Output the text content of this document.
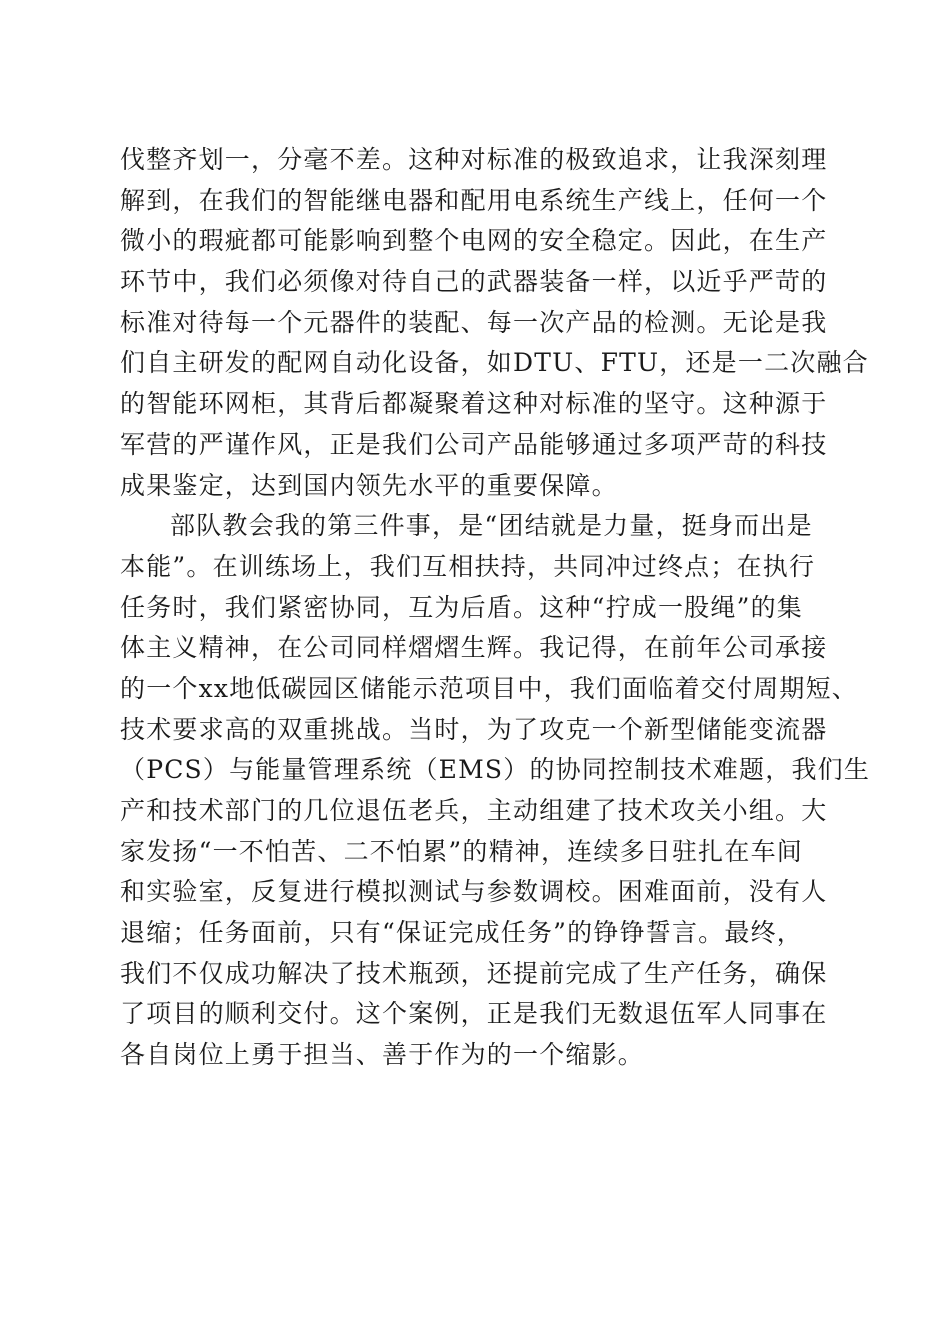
伐整齐划一，分毫不差。这种对标准的极致追求，让我深刻理
解到，在我们的智能继电器和配用电系统生产线上，任何一个
微小的瑕疵都可能影响到整个电网的安全稳定。因此，在生产
环节中，我们必须像对待自己的武器装备一样，以近乎严苛的
标准对待每一个元器件的装配、每一次产品的检测。无论是我
们自主研发的配网自动化设备，如DTU、FTU，还是一二次融合
的智能环网柜，其背后都凝聚着这种对标准的坚守。这种源于
军营的严谨作风，正是我们公司产品能够通过多项严苛的科技
成果鉴定，达到国内领先水平的重要保障。
部队教会我的第三件事，是“团结就是力量，挺身而出是
本能”。在训练场上，我们互相扶持，共同冲过终点；在执行
任务时，我们紧密协同，互为后盾。这种“拧成一股绳”的集
体主义精神，在公司同样熠熠生辉。我记得，在前年公司承接
的一个xx地低碳园区储能示范项目中，我们面临着交付周期短、
技术要求高的双重挑战。当时，为了攻克一个新型储能变流器
（PCS）与能量管理系统（EMS）的协同控制技术难题，我们生
产和技术部门的几位退伍老兵，主动组建了技术攻关小组。大
家发扬“一不怕苦、二不怕累”的精神，连续多日驻扎在车间
和实验室，反复进行模拟测试与参数调校。困难面前，没有人
退缩；任务面前，只有“保证完成任务”的铮铮誓言。最终，
我们不仅成功解决了技术瓶颈，还提前完成了生产任务，确保
了项目的顺利交付。这个案例，正是我们无数退伍军人同事在
各自岗位上勇于担当、善于作为的一个缩影。
